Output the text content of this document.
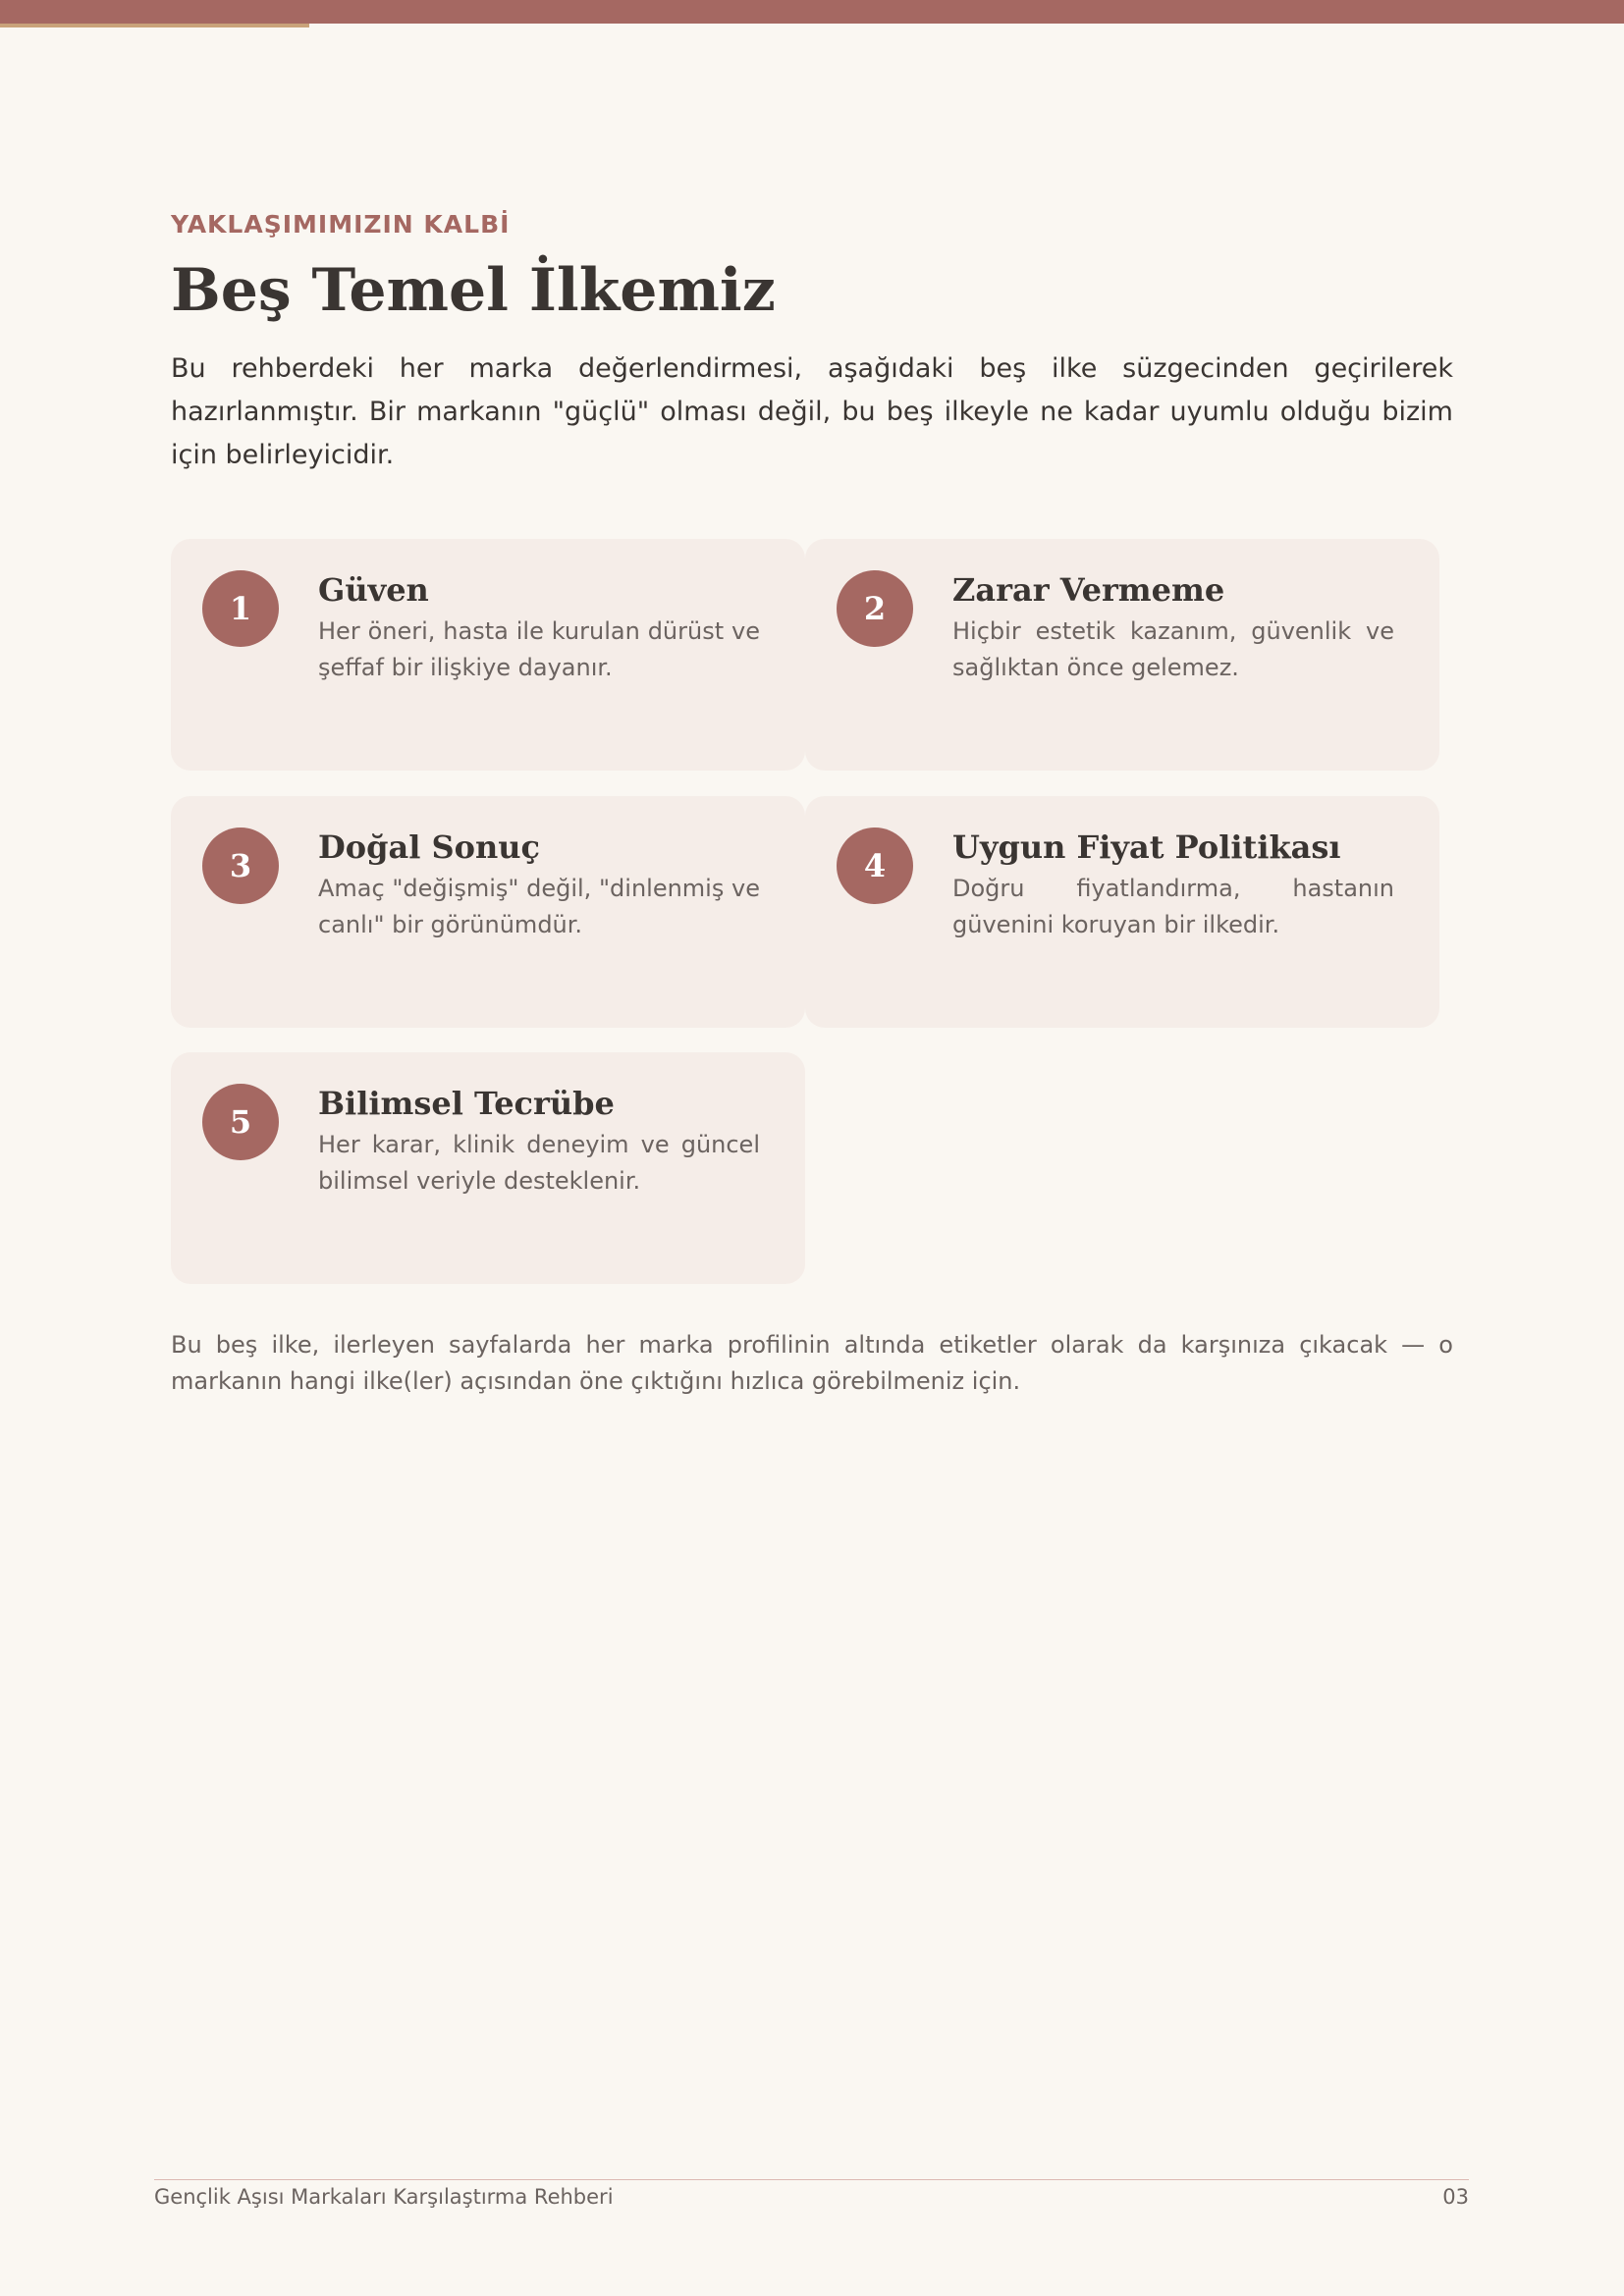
YAKLAŞIMIMIZIN KALBİ
Beş Temel İlkemiz

Bu rehberdeki her marka değerlendirmesi, aşağıdaki beş ilke süzgecinden geçirilerek hazırlanmıştır. Bir markanın "güçlü" olması değil, bu beş ilkeyle ne kadar uyumlu olduğu bizim için belirleyicidir.

1	Güven

Her öneri, hasta ile kurulan dürüst ve şeffaf bir ilişkiye dayanır.

2	Zarar Vermeme

Hiçbir estetik kazanım, güvenlik ve sağlıktan önce gelemez.

3	Doğal Sonuç

Amaç "değişmiş" değil, "dinlenmiş ve canlı" bir görünümdür.

4	Uygun Fiyat Politikası

Doğru fiyatlandırma, hastanın güvenini koruyan bir ilkedir.

5	Bilimsel Tecrübe

Her karar, klinik deneyim ve güncel bilimsel veriyle desteklenir.

Bu beş ilke, ilerleyen sayfalarda her marka profilinin altında etiketler olarak da karşınıza çıkacak — o markanın hangi ilke(ler) açısından öne çıktığını hızlıca görebilmeniz için.

Gençlik Aşısı Markaları Karşılaştırma Rehberi	03
